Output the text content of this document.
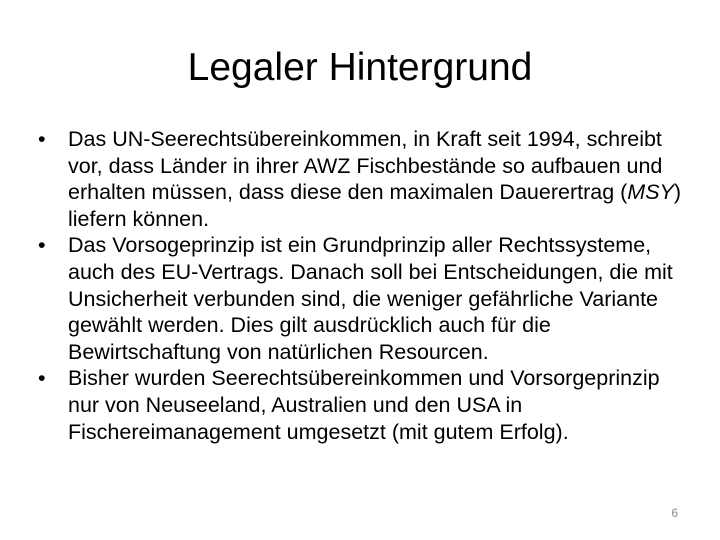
Legaler Hintergrund
•	Das UN-Seerechtsübereinkommen, in Kraft seit 1994, schreibt vor, dass Länder in ihrer AWZ Fischbestände so aufbauen und erhalten müssen, dass diese den maximalen Dauerertrag (MSY) liefern können.
•	Das Vorsogeprinzip ist ein Grundprinzip aller Rechtssysteme, auch des EU-Vertrags. Danach soll bei Entscheidungen, die mit Unsicherheit verbunden sind, die weniger gefährliche Variante gewählt werden. Dies gilt ausdrücklich auch für die Bewirtschaftung von natürlichen Resourcen.
•	Bisher wurden Seerechtsübereinkommen und Vorsorgeprinzip nur von Neuseeland, Australien und den USA in Fischereimanagement umgesetzt (mit gutem Erfolg).
6
